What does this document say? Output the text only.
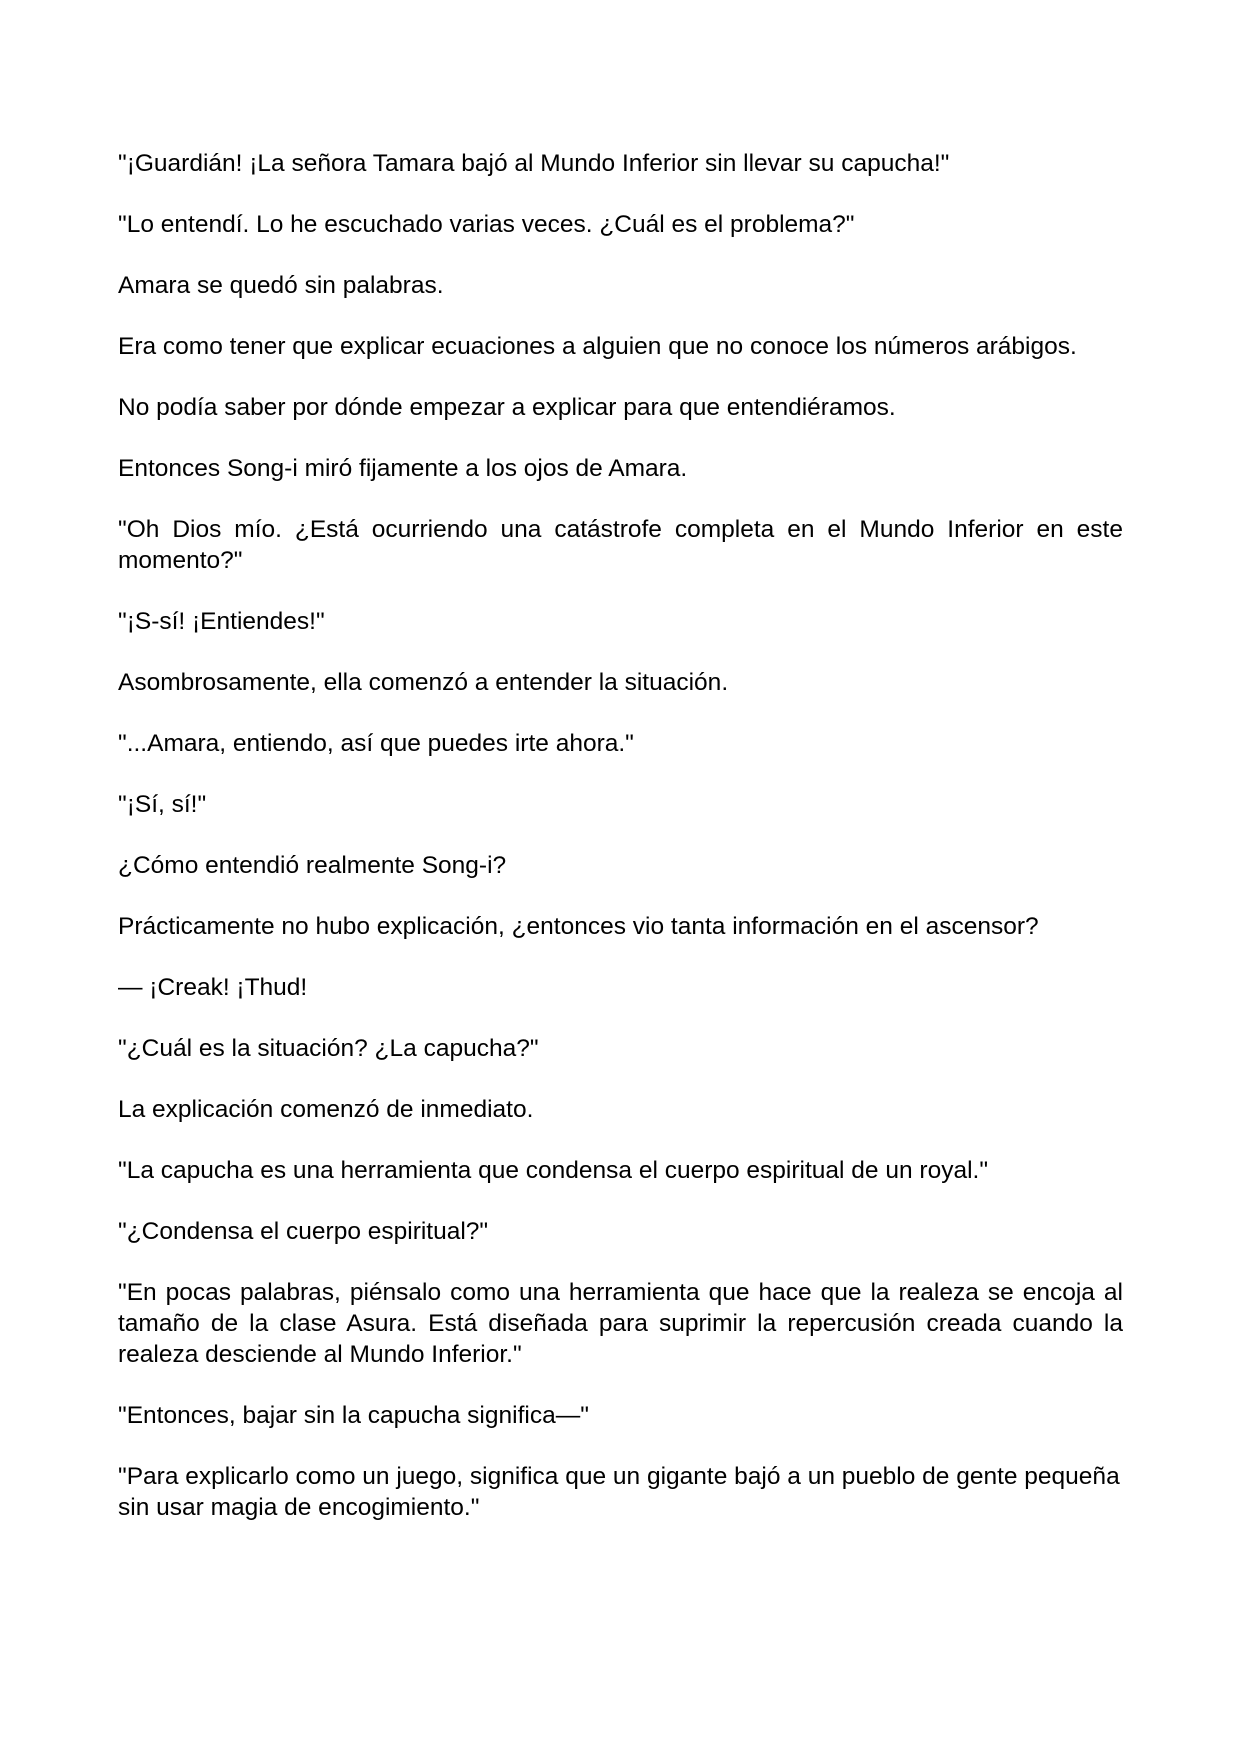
"¡Guardián! ¡La señora Tamara bajó al Mundo Inferior sin llevar su capucha!"

"Lo entendí. Lo he escuchado varias veces. ¿Cuál es el problema?"

Amara se quedó sin palabras.

Era como tener que explicar ecuaciones a alguien que no conoce los números arábigos.

No podía saber por dónde empezar a explicar para que entendiéramos.

Entonces Song-i miró fijamente a los ojos de Amara.

"Oh Dios mío. ¿Está ocurriendo una catástrofe completa en el Mundo Inferior en este momento?"

"¡S-sí! ¡Entiendes!"

Asombrosamente, ella comenzó a entender la situación.

"...Amara, entiendo, así que puedes irte ahora."

"¡Sí, sí!"

¿Cómo entendió realmente Song-i?

Prácticamente no hubo explicación, ¿entonces vio tanta información en el ascensor?

— ¡Creak! ¡Thud!

"¿Cuál es la situación? ¿La capucha?"

La explicación comenzó de inmediato.

"La capucha es una herramienta que condensa el cuerpo espiritual de un royal."

"¿Condensa el cuerpo espiritual?"

"En pocas palabras, piénsalo como una herramienta que hace que la realeza se encoja al tamaño de la clase Asura. Está diseñada para suprimir la repercusión creada cuando la realeza desciende al Mundo Inferior."

"Entonces, bajar sin la capucha significa—"

"Para explicarlo como un juego, significa que un gigante bajó a un pueblo de gente pequeña sin usar magia de encogimiento."
